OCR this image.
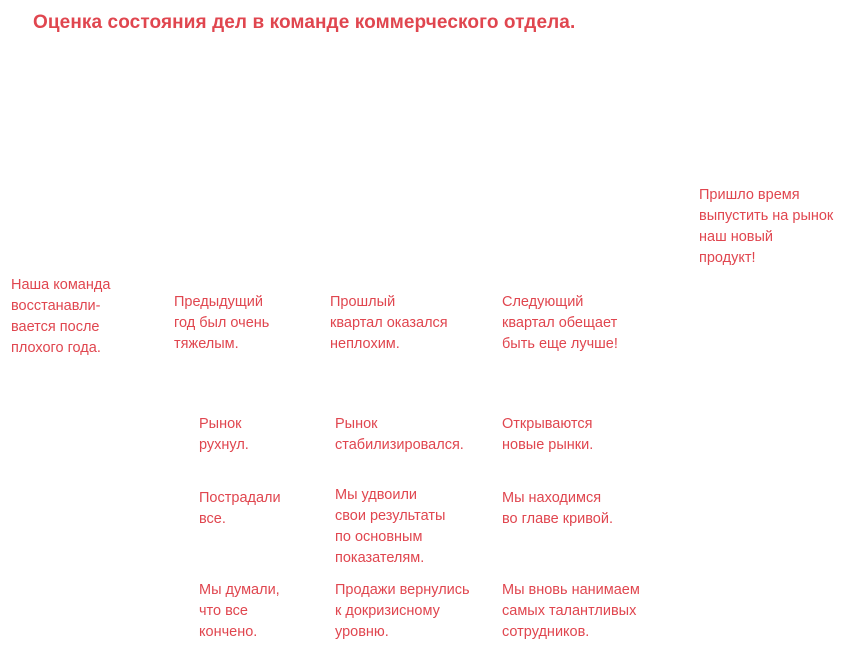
Оценка состояния дел в команде коммерческого отдела.
Наша команда
восстанавли-
вается после
плохого года.
Предыдущий
год был очень
тяжелым.
Прошлый
квартал оказался
неплохим.
Следующий
квартал обещает
быть еще лучше!
Пришло время
выпустить на рынок
наш новый
продукт!
Рынок
рухнул.
Пострадали
все.
Мы думали,
что все
кончено.
Рынок
стабилизировался.
Мы удвоили
свои результаты
по основным
показателям.
Продажи вернулись
к докризисному
уровню.
Открываются
новые рынки.
Мы находимся
во главе кривой.
Мы вновь нанимаем
самых талантливых
сотрудников.
